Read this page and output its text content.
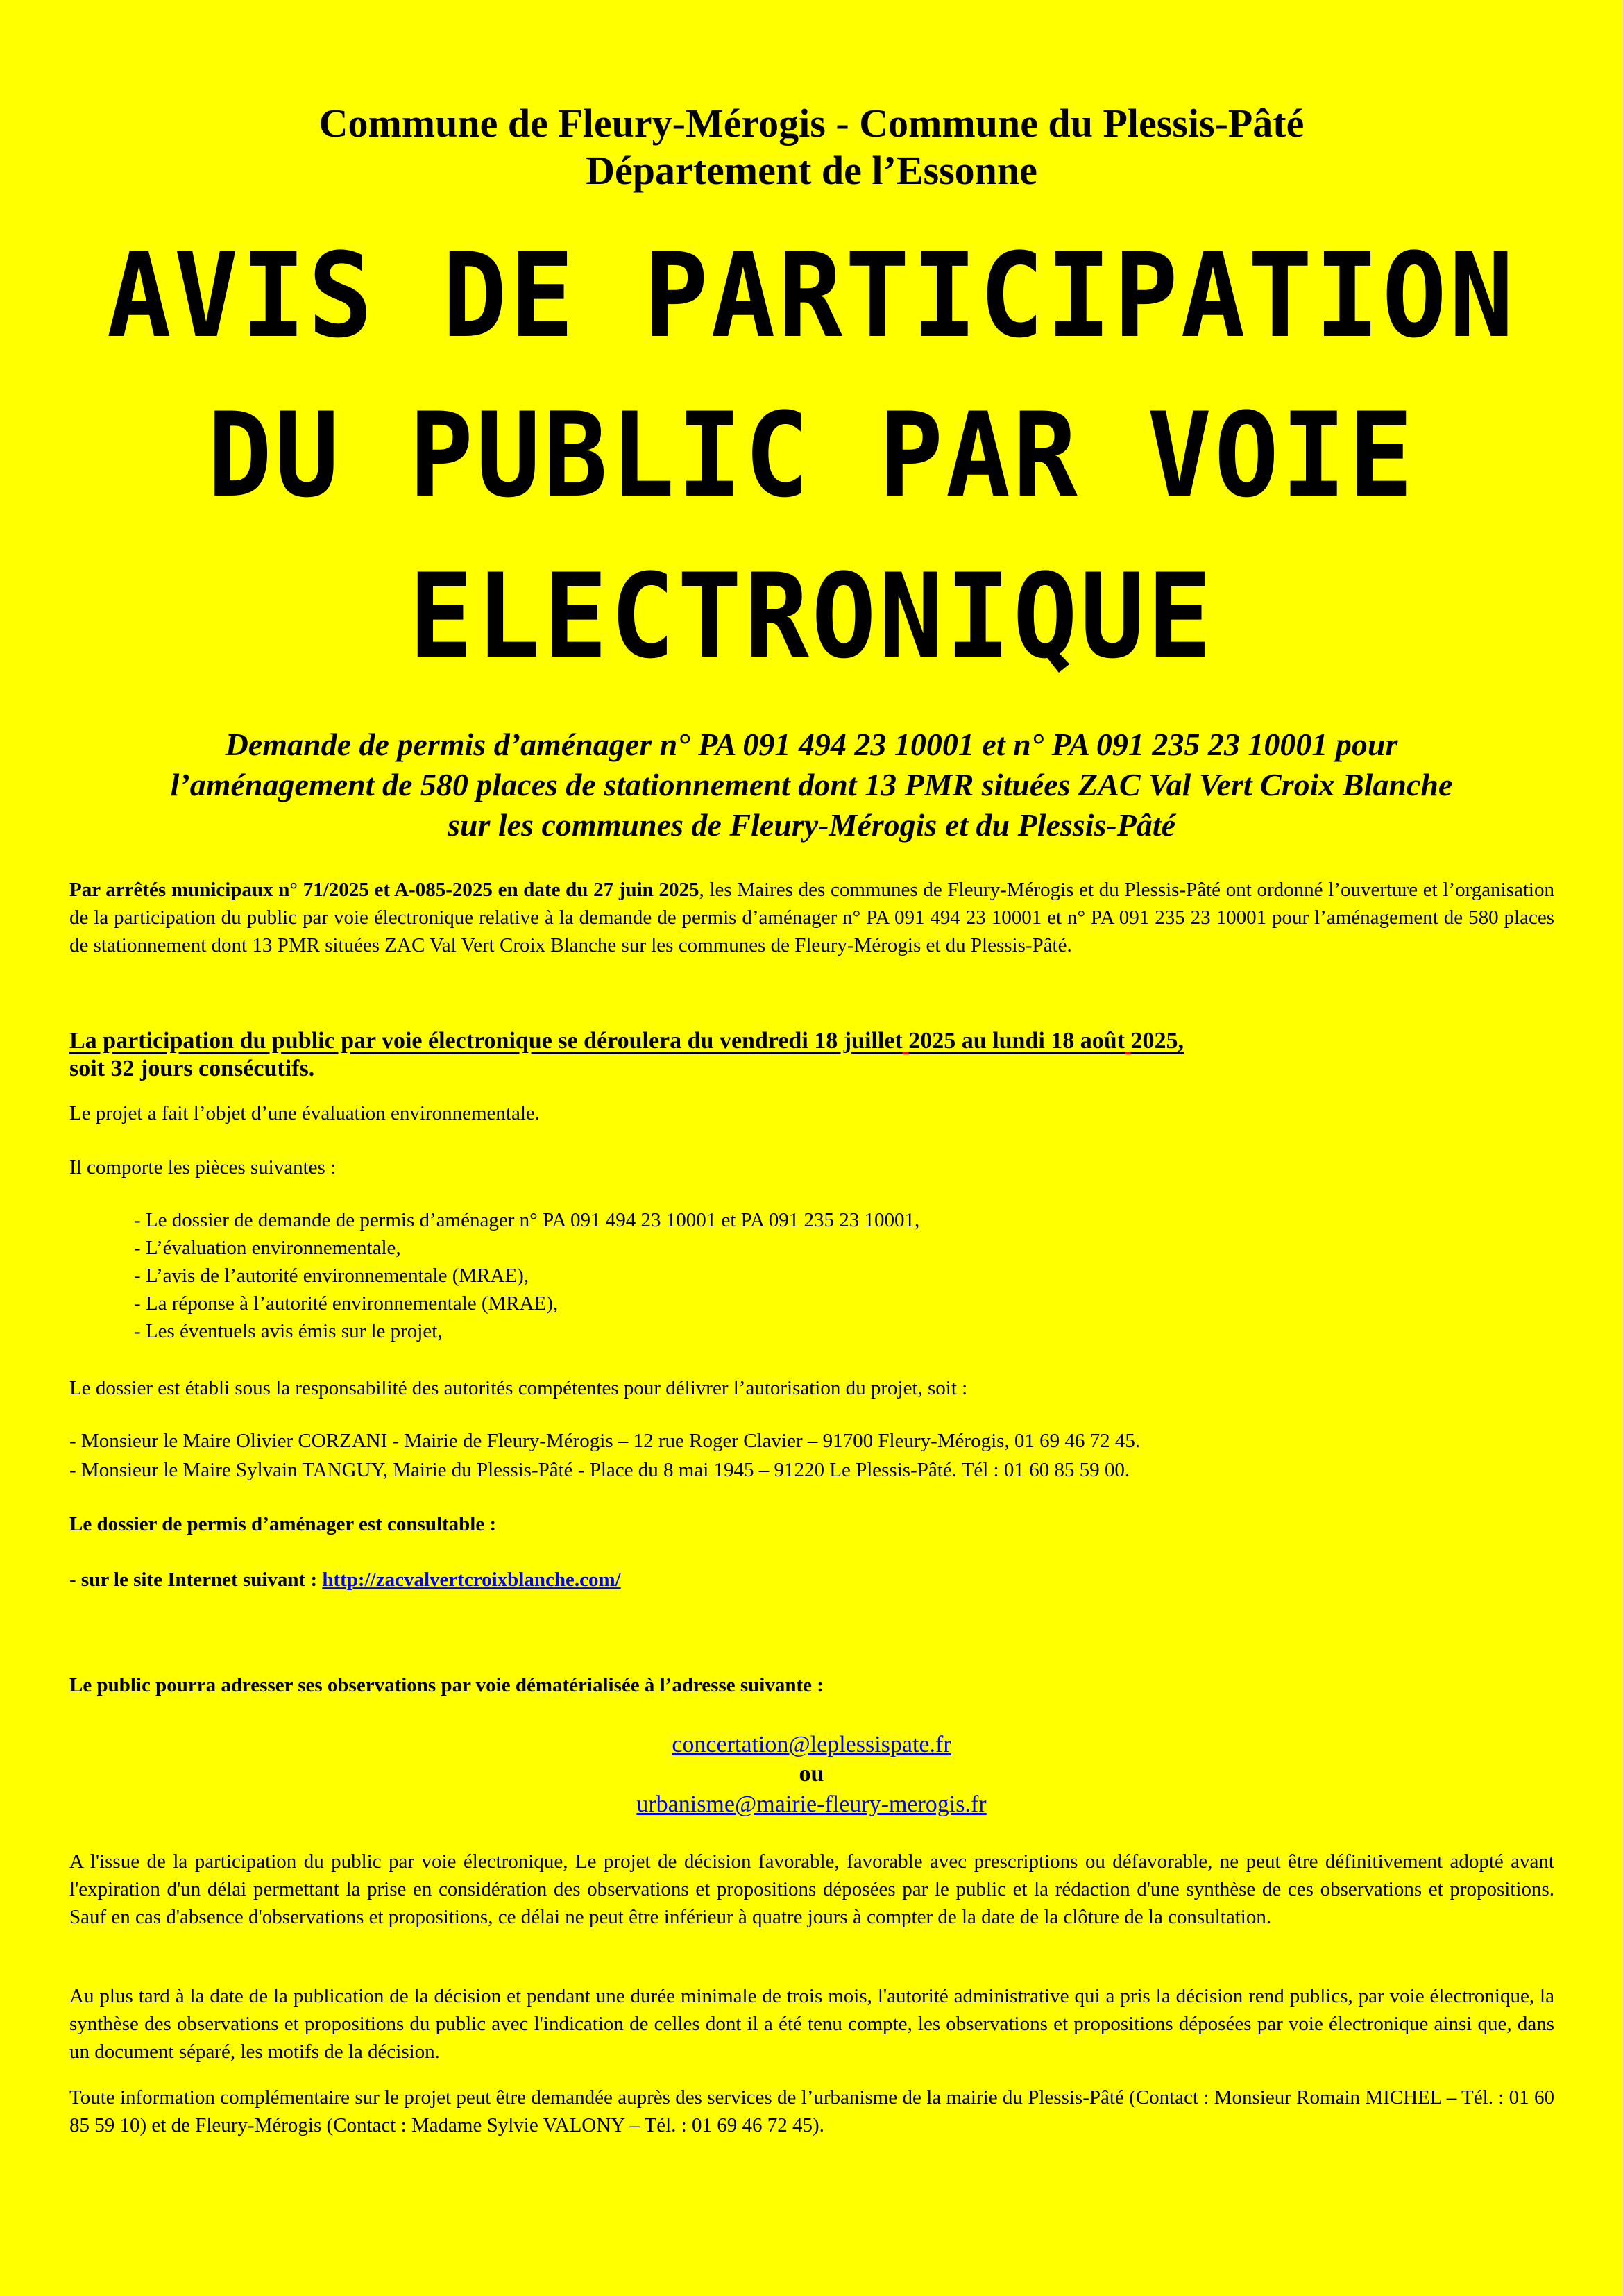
Commune de Fleury-Mérogis - Commune du Plessis-Pâté
Département de l’Essonne
AVIS DE PARTICIPATION
DU PUBLIC PAR VOIE
ELECTRONIQUE
Demande de permis d’aménager n° PA 091 494 23 10001 et n° PA 091 235 23 10001 pour
l’aménagement de 580 places de stationnement dont 13 PMR situées ZAC Val Vert Croix Blanche
sur les communes de Fleury-Mérogis et du Plessis-Pâté
Par arrêtés municipaux n° 71/2025 et A-085-2025 en date du 27 juin 2025, les Maires des communes de Fleury-Mérogis et du Plessis-Pâté ont ordonné l’ouverture et l’organisation de la participation du public par voie électronique relative à la demande de permis d’aménager n° PA 091 494 23 10001 et n° PA 091 235 23 10001 pour l’aménagement de 580 places de stationnement dont 13 PMR situées ZAC Val Vert Croix Blanche sur les communes de Fleury-Mérogis et du Plessis-Pâté.
La participation du public par voie électronique se déroulera du vendredi 18 juillet 2025 au lundi 18 août 2025,
soit 32 jours consécutifs.
Le projet a fait l’objet d’une évaluation environnementale.
Il comporte les pièces suivantes :
- Le dossier de demande de permis d’aménager n° PA 091 494 23 10001 et PA 091 235 23 10001,
- L’évaluation environnementale,
- L’avis de l’autorité environnementale (MRAE),
- La réponse à l’autorité environnementale (MRAE),
- Les éventuels avis émis sur le projet,
Le dossier est établi sous la responsabilité des autorités compétentes pour délivrer l’autorisation du projet, soit :
- Monsieur le Maire Olivier CORZANI - Mairie de Fleury-Mérogis – 12 rue Roger Clavier – 91700 Fleury-Mérogis, 01 69 46 72 45.
- Monsieur le Maire Sylvain TANGUY, Mairie du Plessis-Pâté - Place du 8 mai 1945 – 91220 Le Plessis-Pâté. Tél : 01 60 85 59 00.
Le dossier de permis d’aménager est consultable :
- sur le site Internet suivant : http://zacvalvertcroixblanche.com/
Le public pourra adresser ses observations par voie dématérialisée à l’adresse suivante :
concertation@leplessispate.fr
ou
urbanisme@mairie-fleury-merogis.fr
A l'issue de la participation du public par voie électronique, Le projet de décision favorable, favorable avec prescriptions ou défavorable, ne peut être définitivement adopté avant l'expiration d'un délai permettant la prise en considération des observations et propositions déposées par le public et la rédaction d'une synthèse de ces observations et propositions. Sauf en cas d'absence d'observations et propositions, ce délai ne peut être inférieur à quatre jours à compter de la date de la clôture de la consultation.
Au plus tard à la date de la publication de la décision et pendant une durée minimale de trois mois, l'autorité administrative qui a pris la décision rend publics, par voie électronique, la synthèse des observations et propositions du public avec l'indication de celles dont il a été tenu compte, les observations et propositions déposées par voie électronique ainsi que, dans un document séparé, les motifs de la décision.
Toute information complémentaire sur le projet peut être demandée auprès des services de l’urbanisme de la mairie du Plessis-Pâté (Contact : Monsieur Romain MICHEL – Tél. : 01 60 85 59 10) et de Fleury-Mérogis (Contact : Madame Sylvie VALONY – Tél. : 01 69 46 72 45).
